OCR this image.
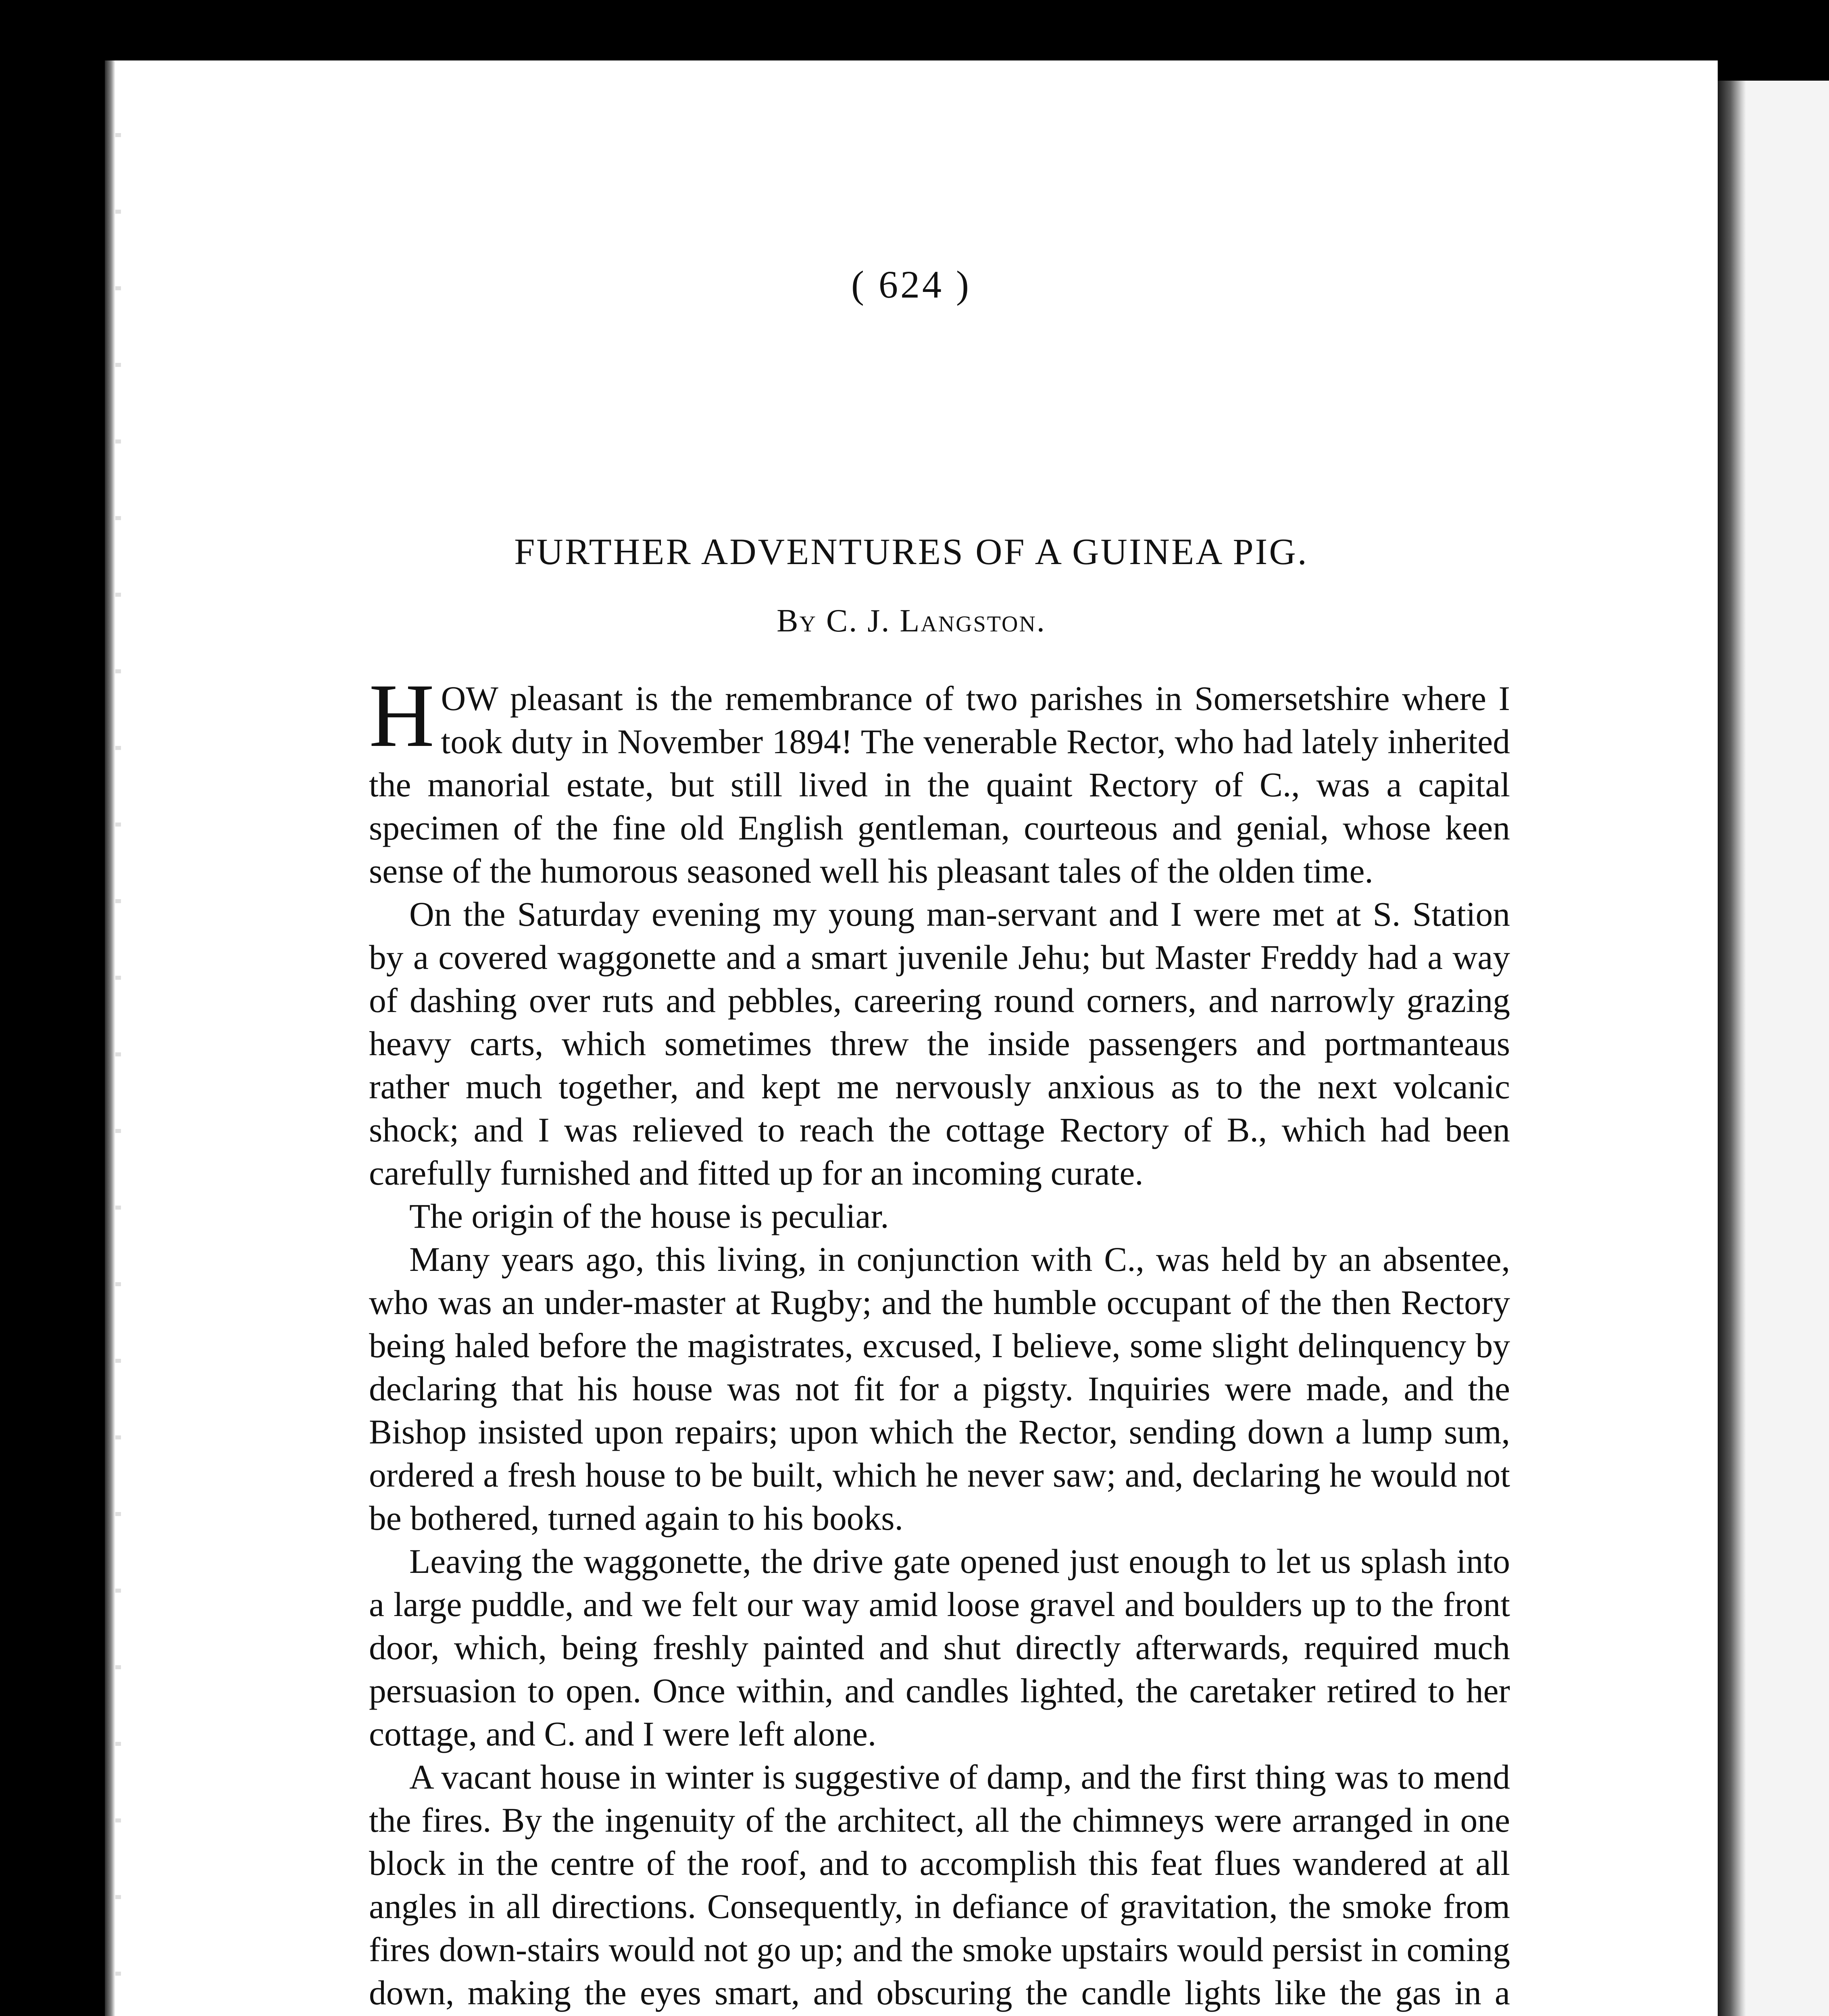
( 624 )

FURTHER ADVENTURES OF A GUINEA PIG.

By C. J. Langston.

HOW pleasant is the remembrance of two parishes in Somersetshire where I took duty in November 1894! The venerable Rector, who had lately inherited the manorial estate, but still lived in the quaint Rectory of C., was a capital specimen of the fine old English gentleman, courteous and genial, whose keen sense of the humorous seasoned well his pleasant tales of the olden time.

On the Saturday evening my young man-servant and I were met at S. Station by a covered waggonette and a smart juvenile Jehu; but Master Freddy had a way of dashing over ruts and pebbles, careering round corners, and narrowly grazing heavy carts, which sometimes threw the inside passengers and portmanteaus rather much together, and kept me nervously anxious as to the next volcanic shock; and I was relieved to reach the cottage Rectory of B., which had been carefully furnished and fitted up for an incoming curate.

The origin of the house is peculiar.

Many years ago, this living, in conjunction with C., was held by an absentee, who was an under-master at Rugby; and the humble occupant of the then Rectory being haled before the magistrates, excused, I believe, some slight delinquency by declaring that his house was not fit for a pigsty. Inquiries were made, and the Bishop insisted upon repairs; upon which the Rector, sending down a lump sum, ordered a fresh house to be built, which he never saw; and, declaring he would not be bothered, turned again to his books.

Leaving the waggonette, the drive gate opened just enough to let us splash into a large puddle, and we felt our way amid loose gravel and boulders up to the front door, which, being freshly painted and shut directly afterwards, required much persuasion to open. Once within, and candles lighted, the caretaker retired to her cottage, and C. and I were left alone.

A vacant house in winter is suggestive of damp, and the first thing was to mend the fires. By the ingenuity of the architect, all the chimneys were arranged in one block in the centre of the roof, and to accomplish this feat flues wandered at all angles in all directions. Consequently, in defiance of gravitation, the smoke from fires down-stairs would not go up; and the smoke upstairs would persist in coming down, making the eyes smart, and obscuring the candle lights like the gas in a
